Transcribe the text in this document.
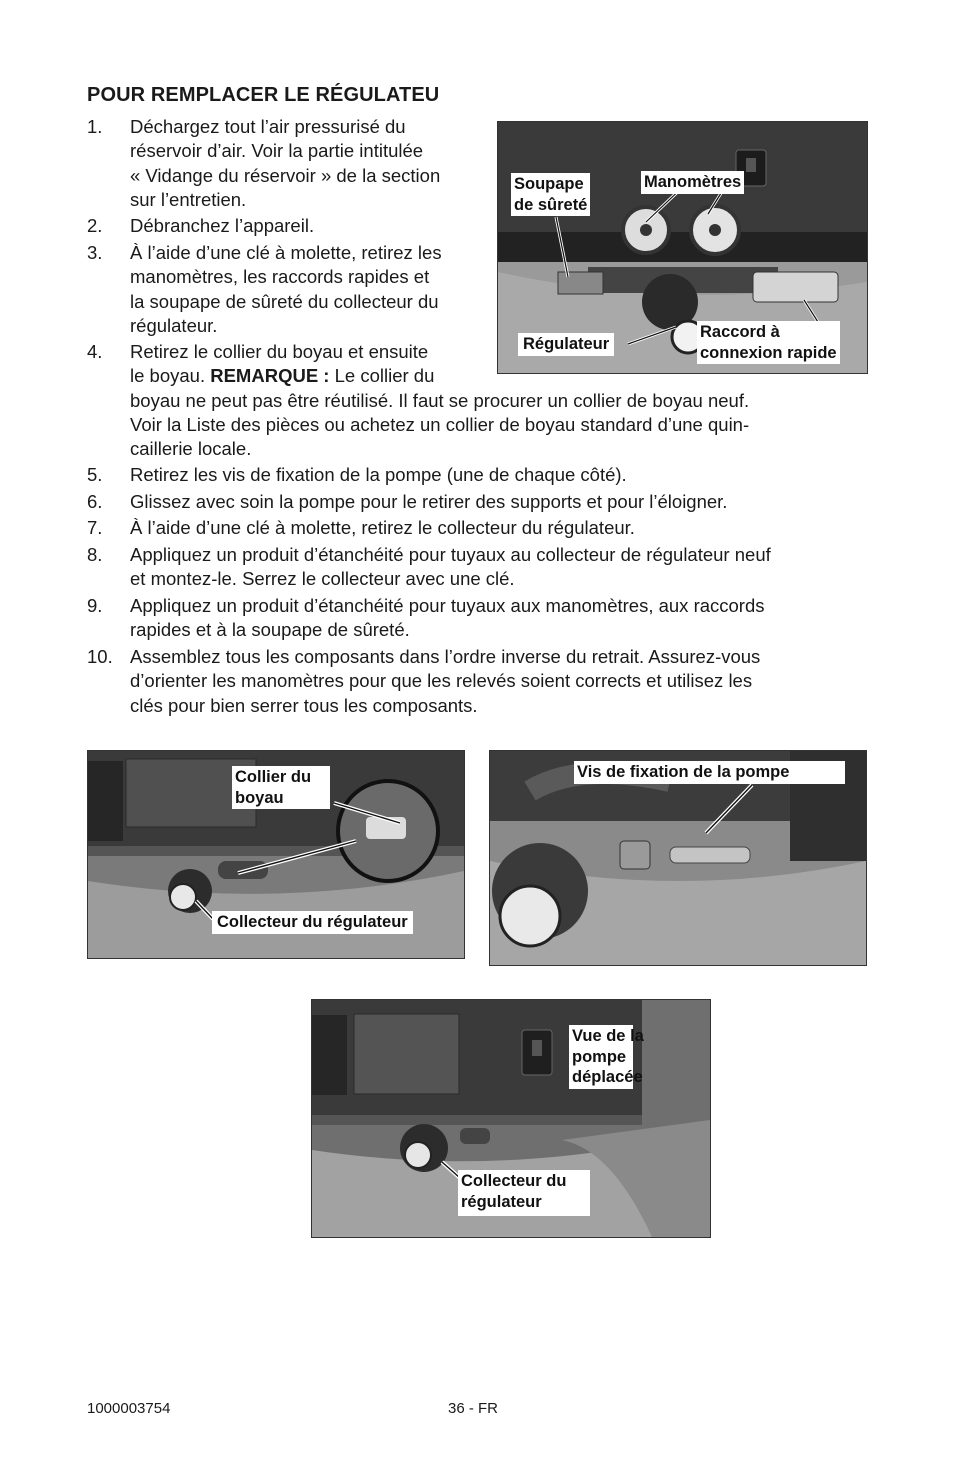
POUR REMPLACER LE RÉGULATEU
1. Déchargez tout l’air pressurisé du
réservoir d’air. Voir la partie intitulée
« Vidange du réservoir » de la section
sur l’entretien.
2. Débranchez l’appareil.
3. À l’aide d’une clé à molette, retirez les
manomètres, les raccords rapides et
la soupape de sûreté du collecteur du
régulateur.
4. Retirez le collier du boyau et ensuite
le boyau. REMARQUE : Le collier du
boyau ne peut pas être réutilisé. Il faut se procurer un collier de boyau neuf.
Voir la Liste des pièces ou achetez un collier de boyau standard d’une quin-
caillerie locale.
5. Retirez les vis de fixation de la pompe (une de chaque côté).
6. Glissez avec soin la pompe pour le retirer des supports et pour l’éloigner.
7. À l’aide d’une clé à molette, retirez le collecteur du régulateur.
8. Appliquez un produit d’étanchéité pour tuyaux au collecteur de régulateur neuf
et montez-le. Serrez le collecteur avec une clé.
9. Appliquez un produit d’étanchéité pour tuyaux aux manomètres, aux raccords
rapides et à la soupape de sûreté.
10. Assemblez tous les composants dans l’ordre inverse du retrait. Assurez-vous
d’orienter les manomètres pour que les relevés soient corrects et utilisez les
clés pour bien serrer tous les composants.
Soupape
de sûreté
Manomètres
Régulateur
Raccord à
connexion rapide
Collier du
boyau
Collecteur du régulateur
Vis de fixation de la pompe
Vue de la
pompe
déplacée
Collecteur du
régulateur
1000003754	36 - FR
